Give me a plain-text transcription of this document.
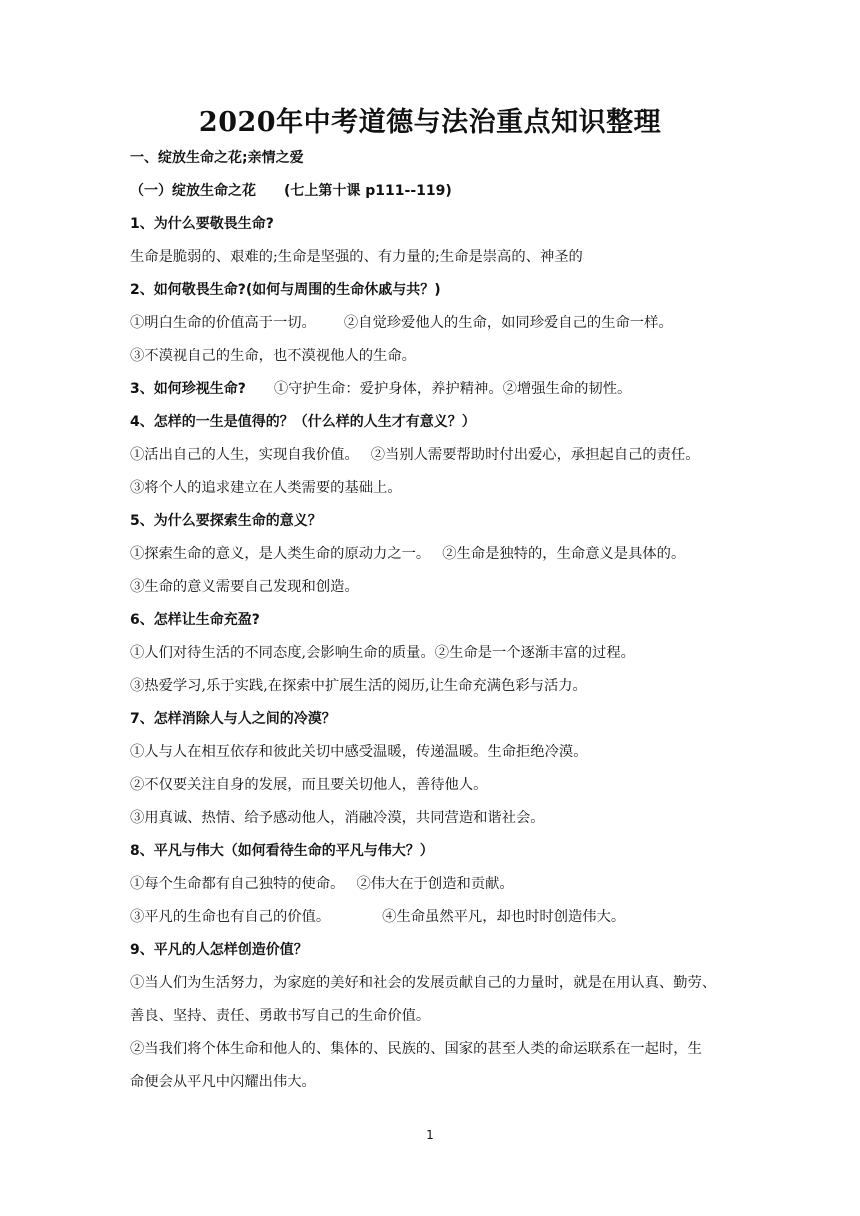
2020年中考道德与法治重点知识整理
一、绽放生命之花;亲情之爱
（一）绽放生命之花 (七上第十课 p111--119)
1、为什么要敬畏生命?
生命是脆弱的、艰难的;生命是坚强的、有力量的;生命是崇高的、神圣的
2、如何敬畏生命?(如何与周围的生命休戚与共？)
①明白生命的价值高于一切。 ②自觉珍爱他人的生命，如同珍爱自己的生命一样。
③不漠视自己的生命，也不漠视他人的生命。
3、如何珍视生命? ①守护生命：爱护身体，养护精神。②增强生命的韧性。
4、怎样的一生是值得的？（什么样的人生才有意义？）
①活出自己的人生，实现自我价值。 ②当别人需要帮助时付出爱心，承担起自己的责任。
③将个人的追求建立在人类需要的基础上。
5、为什么要探索生命的意义？
①探索生命的意义，是人类生命的原动力之一。 ②生命是独特的，生命意义是具体的。
③生命的意义需要自己发现和创造。
6、怎样让生命充盈?
①人们对待生活的不同态度,会影响生命的质量。②生命是一个逐渐丰富的过程。
③热爱学习,乐于实践,在探索中扩展生活的阅历,让生命充满色彩与活力。
7、怎样消除人与人之间的冷漠？
①人与人在相互依存和彼此关切中感受温暖，传递温暖。生命拒绝冷漠。
②不仅要关注自身的发展，而且要关切他人，善待他人。
③用真诚、热情、给予感动他人，消融冷漠，共同营造和谐社会。
8、平凡与伟大（如何看待生命的平凡与伟大？）
①每个生命都有自己独特的使命。 ②伟大在于创造和贡献。
③平凡的生命也有自己的价值。	④生命虽然平凡，却也时时创造伟大。
9、平凡的人怎样创造价值？
①当人们为生活努力，为家庭的美好和社会的发展贡献自己的力量时，就是在用认真、勤劳、
善良、坚持、责任、勇敢书写自己的生命价值。
②当我们将个体生命和他人的、集体的、民族的、国家的甚至人类的命运联系在一起时，生
命便会从平凡中闪耀出伟大。
1
